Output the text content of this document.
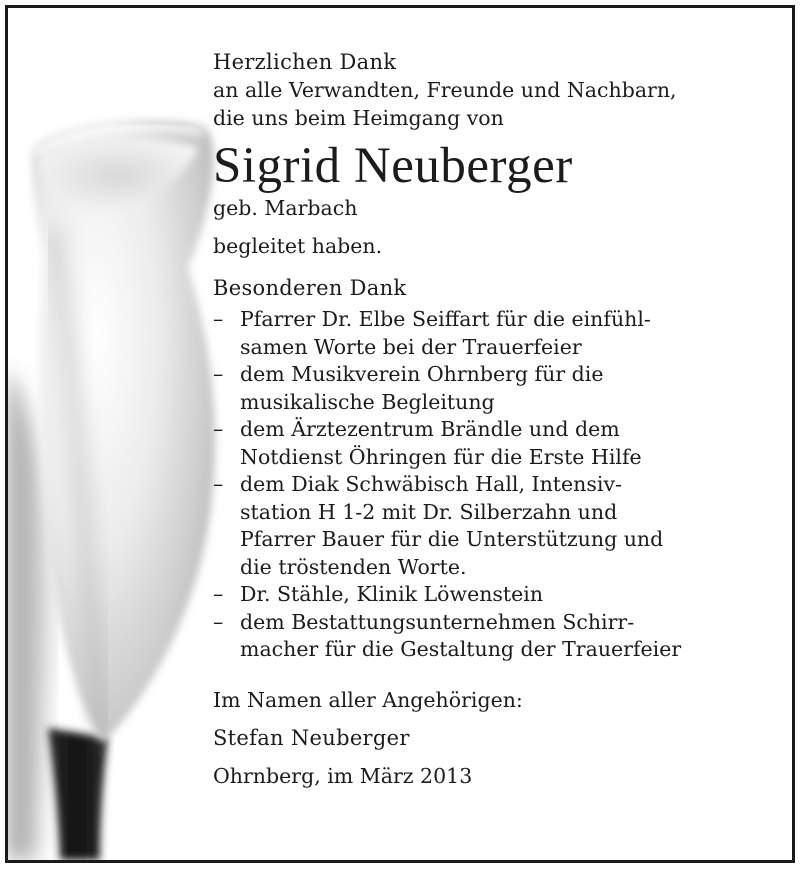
Herzlichen Dank
an alle Verwandten, Freunde und Nachbarn,
die uns beim Heimgang von
Sigrid Neuberger
geb. Marbach
begleitet haben.
Besonderen Dank
– Pfarrer Dr. Elbe Seiffart für die einfühl-
samen Worte bei der Trauerfeier
– dem Musikverein Ohrnberg für die
musikalische Begleitung
– dem Ärztezentrum Brändle und dem
Notdienst Öhringen für die Erste Hilfe
– dem Diak Schwäbisch Hall, Intensiv-
station H 1-2 mit Dr. Silberzahn und
Pfarrer Bauer für die Unterstützung und
die tröstenden Worte.
– Dr. Stähle, Klinik Löwenstein
– dem Bestattungsunternehmen Schirr-
macher für die Gestaltung der Trauerfeier
Im Namen aller Angehörigen:
Stefan Neuberger
Ohrnberg, im März 2013
